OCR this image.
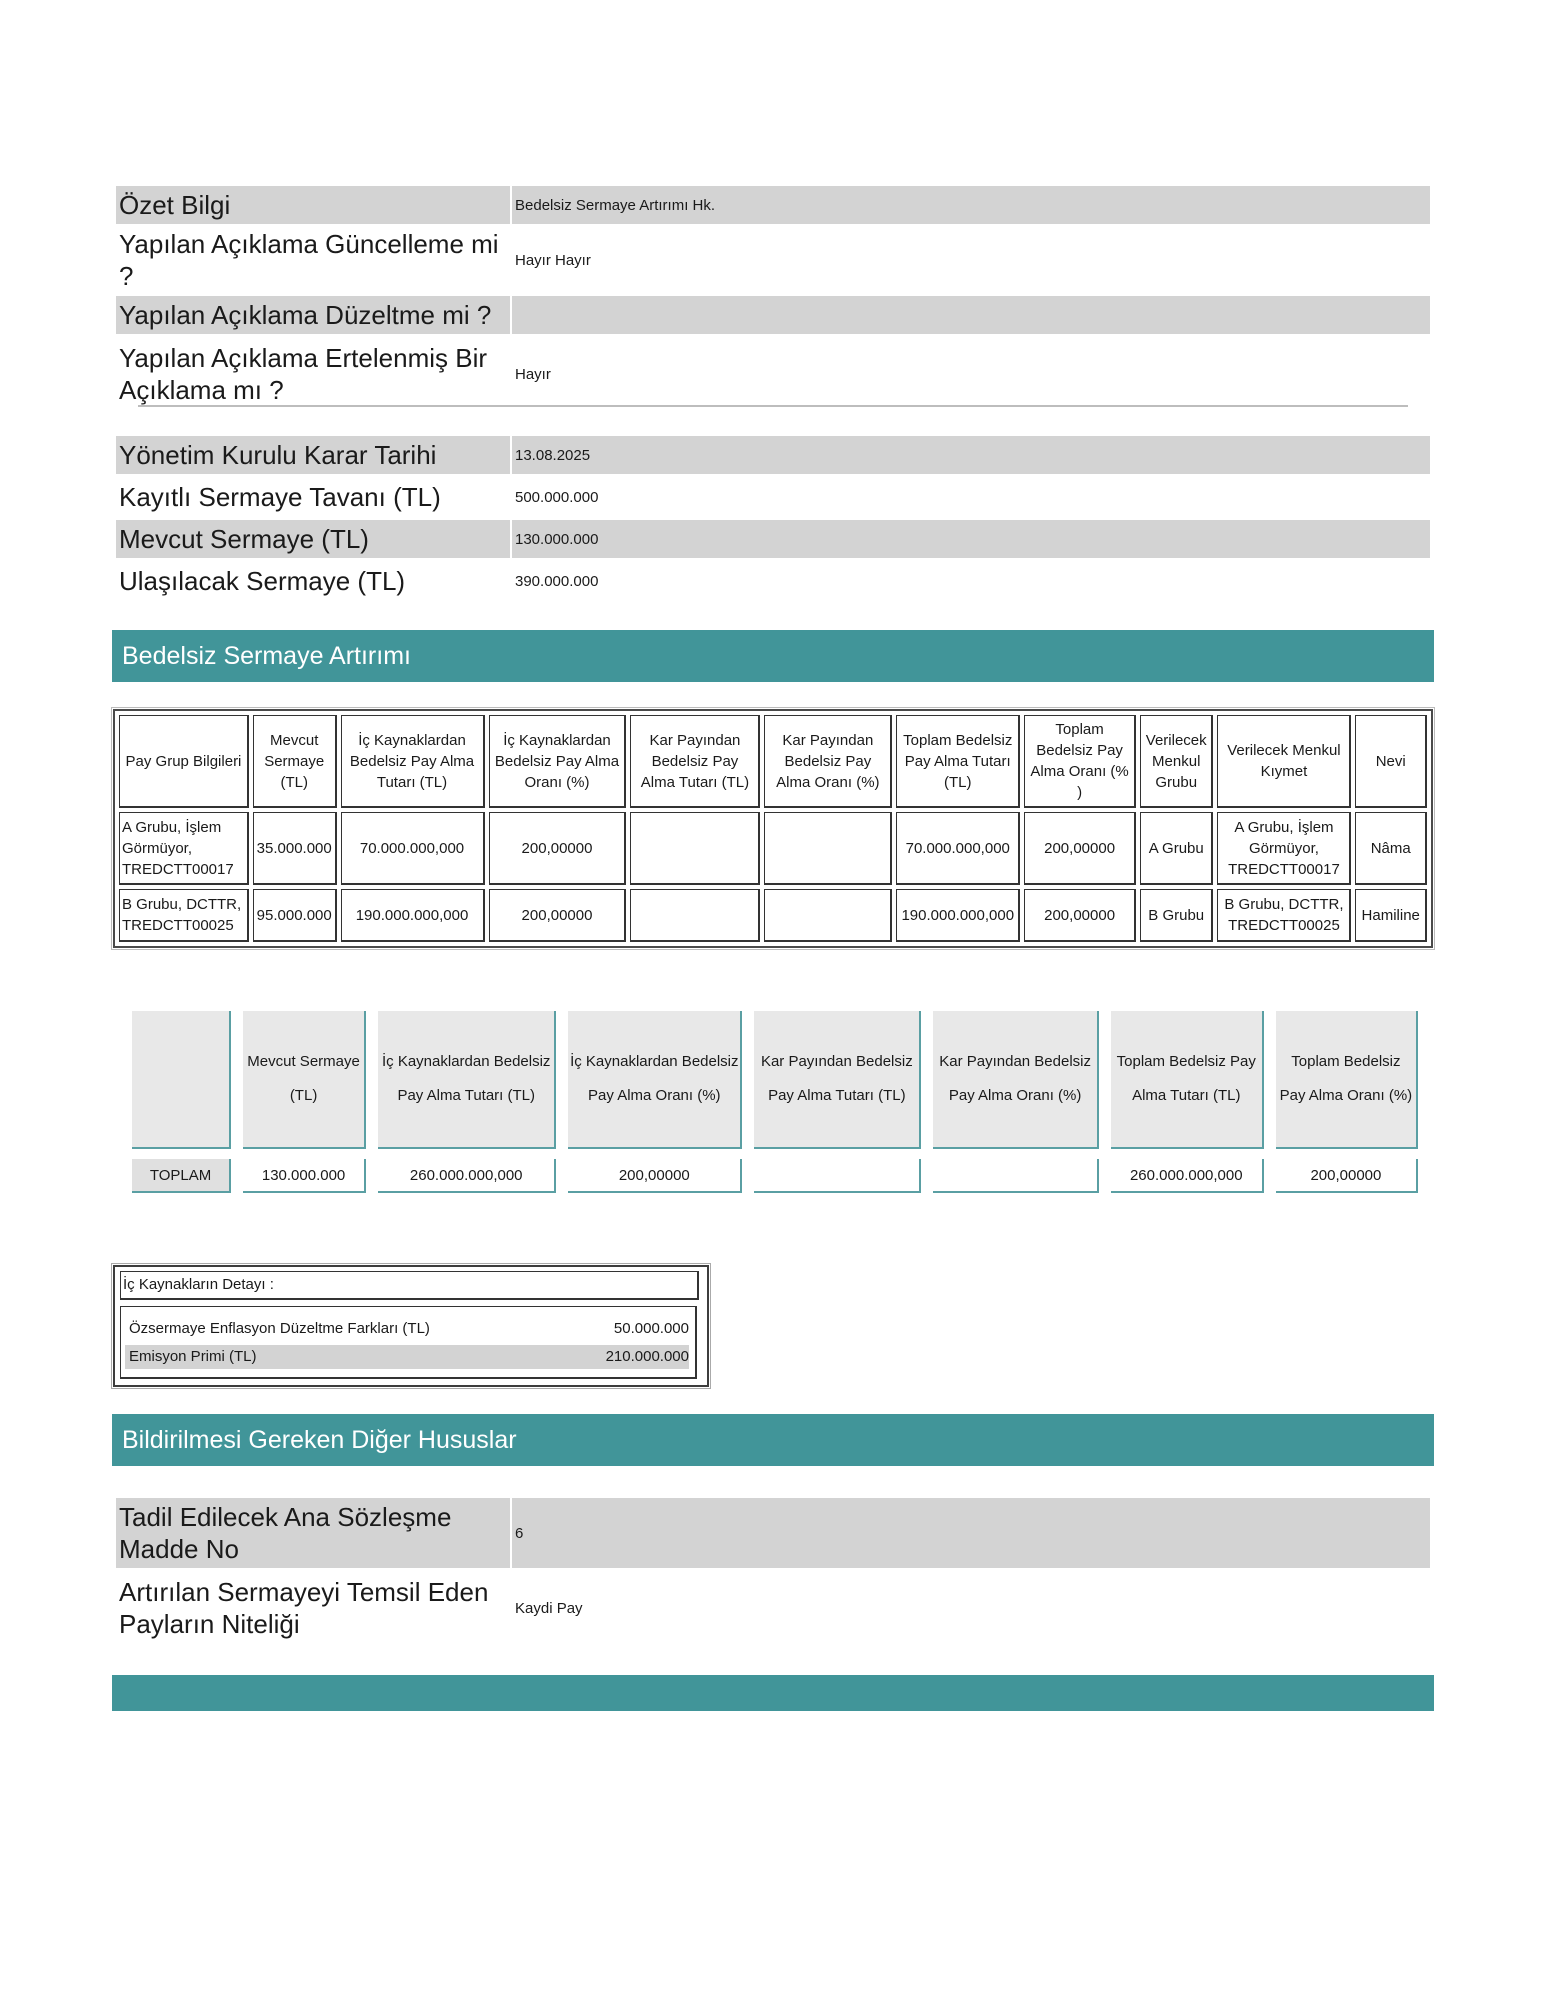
Özet Bilgi	Bedelsiz Sermaye Artırımı Hk.
Yapılan Açıklama Güncelleme mi ?	Hayır Hayır
Yapılan Açıklama Düzeltme mi ?	
Yapılan Açıklama Ertelenmiş Bir Açıklama mı ?	Hayır
Yönetim Kurulu Karar Tarihi	13.08.2025
Kayıtlı Sermaye Tavanı (TL)	500.000.000
Mevcut Sermaye (TL)	130.000.000
Ulaşılacak Sermaye (TL)	390.000.000
Bedelsiz Sermaye Artırımı
Pay Grup Bilgileri	Mevcut Sermaye (TL)	İç Kaynaklardan Bedelsiz Pay Alma Tutarı (TL)	İç Kaynaklardan Bedelsiz Pay Alma Oranı (%)	Kar Payından Bedelsiz Pay Alma Tutarı (TL)	Kar Payından Bedelsiz Pay Alma Oranı (%)	Toplam Bedelsiz Pay Alma Tutarı (TL)	Toplam Bedelsiz Pay Alma Oranı (% )	Verilecek Menkul Grubu	Verilecek Menkul Kıymet	Nevi
A Grubu, İşlem Görmüyor, TREDCTT00017	35.000.000	70.000.000,000	200,00000			70.000.000,000	200,00000	A Grubu	A Grubu, İşlem Görmüyor, TREDCTT00017	Nâma
B Grubu, DCTTR, TREDCTT00025	95.000.000	190.000.000,000	200,00000			190.000.000,000	200,00000	B Grubu	B Grubu, DCTTR, TREDCTT00025	Hamiline
	Mevcut Sermaye (TL)	İç Kaynaklardan Bedelsiz Pay Alma Tutarı (TL)	İç Kaynaklardan Bedelsiz Pay Alma Oranı (%)	Kar Payından Bedelsiz Pay Alma Tutarı (TL)	Kar Payından Bedelsiz Pay Alma Oranı (%)	Toplam Bedelsiz Pay Alma Tutarı (TL)	Toplam Bedelsiz Pay Alma Oranı (%)
TOPLAM	130.000.000	260.000.000,000	200,00000			260.000.000,000	200,00000
İç Kaynakların Detayı :
Özsermaye Enflasyon Düzeltme Farkları (TL)	50.000.000
Emisyon Primi (TL)	210.000.000
Bildirilmesi Gereken Diğer Hususlar
Tadil Edilecek Ana Sözleşme Madde No	6
Artırılan Sermayeyi Temsil Eden Payların Niteliği	Kaydi Pay
